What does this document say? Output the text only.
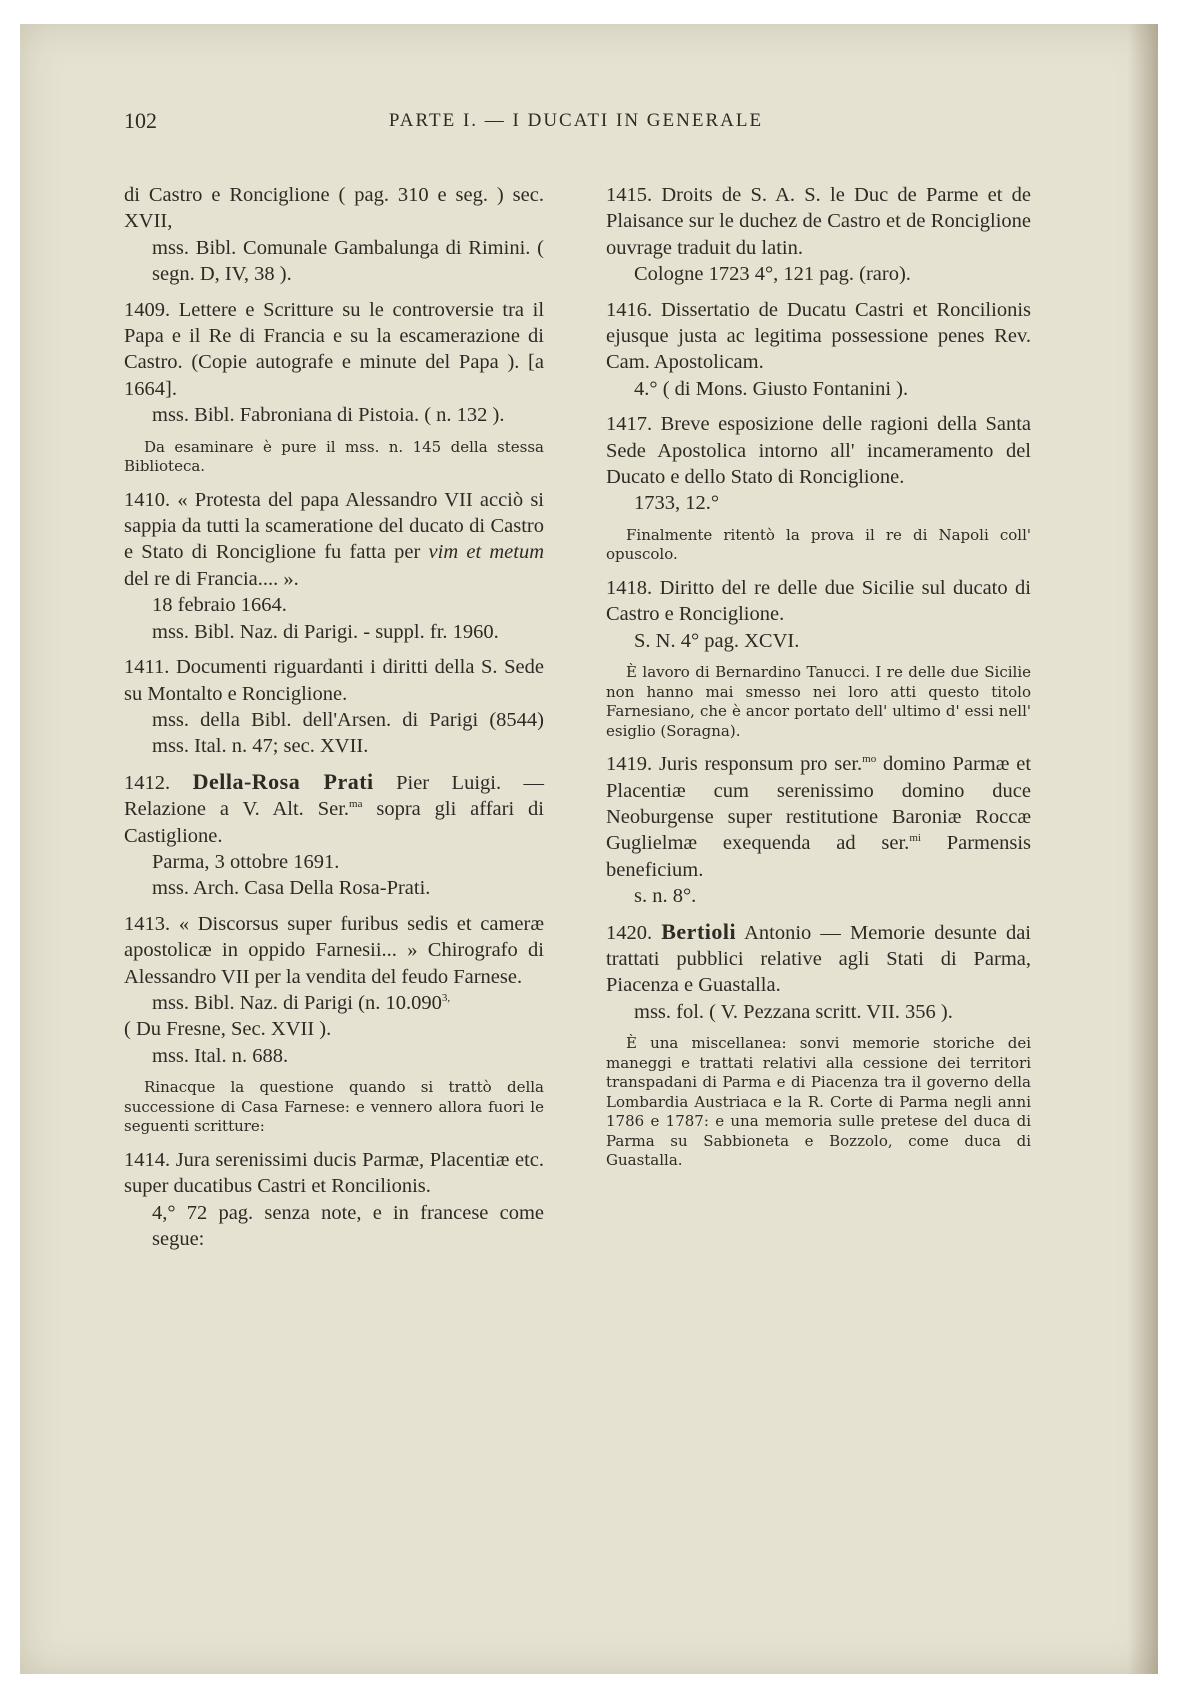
102	PARTE I. — I DUCATI IN GENERALE
di Castro e Ronciglione ( pag. 310 e seg. ) sec. XVII,
mss. Bibl. Comunale Gambalunga di Rimini. ( segn. D, IV, 38 ).
1409. Lettere e Scritture su le controversie tra il Papa e il Re di Francia e su la escamerazione di Castro. (Copie autografe e minute del Papa ). [a 1664].
mss. Bibl. Fabroniana di Pistoia. ( n. 132 ).
Da esaminare è pure il mss. n. 145 della stessa Biblioteca.
1410. « Protesta del papa Alessandro VII acciò si sappia da tutti la scameratione del ducato di Castro e Stato di Ronciglione fu fatta per vim et metum del re di Francia.... ».
18 febraio 1664.
mss. Bibl. Naz. di Parigi. - suppl. fr. 1960.
1411. Documenti riguardanti i diritti della S. Sede su Montalto e Ronciglione.
mss. della Bibl. dell'Arsen. di Parigi (8544) mss. Ital. n. 47; sec. XVII.
1412. Della-Rosa Prati Pier Luigi. — Relazione a V. Alt. Ser.$^{ma}$ sopra gli affari di Castiglione.
Parma, 3 ottobre 1691.
mss. Arch. Casa Della Rosa-Prati.
1413. « Discorsus super furibus sedis et cameræ apostolicæ in oppido Farnesii... » Chirografo di Alessandro VII per la vendita del feudo Farnese.
mss. Bibl. Naz. di Parigi (n. $10.090^{3,}$
( Du Fresne, Sec. XVII ).
mss. Ital. n. 688.
Rinacque la questione quando si trattò della successione di Casa Farnese: e vennero allora fuori le seguenti scritture:
1414. Jura serenissimi ducis Parmæ, Placentiæ etc. super ducatibus Castri et Roncilionis.
4,° 72 pag. senza note, e in francese come segue:
1415. Droits de S. A. S. le Duc de Parme et de Plaisance sur le duchez de Castro et de Ronciglione ouvrage traduit du latin.
Cologne 1723 4°, 121 pag. (raro).
1416. Dissertatio de Ducatu Castri et Roncilionis ejusque justa ac legitima possessione penes Rev. Cam. Apostolicam.
4.° ( di Mons. Giusto Fontanini ).
1417. Breve esposizione delle ragioni della Santa Sede Apostolica intorno all' incameramento del Ducato e dello Stato di Ronciglione.
1733, 12.°
Finalmente ritentò la prova il re di Napoli coll' opuscolo.
1418. Diritto del re delle due Sicilie sul ducato di Castro e Ronciglione.
S. N. 4° pag. XCVI.
È lavoro di Bernardino Tanucci. I re delle due Sicilie non hanno mai smesso nei loro atti questo titolo Farnesiano, che è ancor portato dell' ultimo d' essi nell' esiglio (Soragna).
1419. Juris responsum pro ser.$^{mo}$ domino Parmæ et Placentiæ cum serenissimo domino duce Neoburgense super restitutione Baroniæ Roccæ Guglielmæ exequenda ad ser.$^{mi}$ Parmensis beneficium.
s. n. 8°.
1420. Bertioli Antonio — Memorie desunte dai trattati pubblici relative agli Stati di Parma, Piacenza e Guastalla.
mss. fol. ( V. Pezzana scritt. VII. 356 ).
È una miscellanea: sonvi memorie storiche dei maneggi e trattati relativi alla cessione dei territori transpadani di Parma e di Piacenza tra il governo della Lombardia Austriaca e la R. Corte di Parma negli anni 1786 e 1787: e una memoria sulle pretese del duca di Parma su Sabbioneta e Bozzolo, come duca di Guastalla.
